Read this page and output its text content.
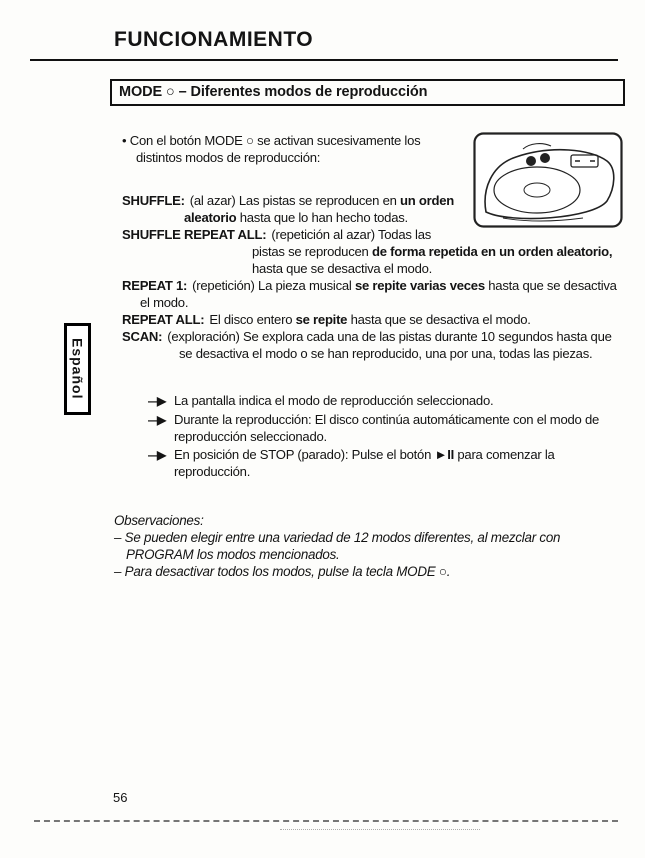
Español
FUNCIONAMIENTO
MODE ○ – Diferentes modos de reproducción
• Con el botón MODE ○ se activan sucesivamente los distintos modos de reproducción:
SHUFFLE: (al azar) Las pistas se reproducen en un orden aleatorio hasta que lo han hecho todas.
SHUFFLE REPEAT ALL: (repetición al azar) Todas las pistas se reproducen de forma repetida en un orden aleatorio, hasta que se desactiva el modo.
REPEAT 1: (repetición) La pieza musical se repite varias veces hasta que se desactiva el modo.
REPEAT ALL: El disco entero se repite hasta que se desactiva el modo.
SCAN: (exploración) Se explora cada una de las pistas durante 10 segundos hasta que se desactiva el modo o se han reproducido, una por una, todas las piezas.
—▶ La pantalla indica el modo de reproducción seleccionado.
—▶ Durante la reproducción: El disco continúa automáticamente con el modo de reproducción seleccionado.
—▶ En posición de STOP (parado): Pulse el botón ►II para comenzar la reproducción.
Observaciones:
– Se pueden elegir entre una variedad de 12 modos diferentes, al mezclar con PROGRAM los modos mencionados.
– Para desactivar todos los modos, pulse la tecla MODE ○.
56
